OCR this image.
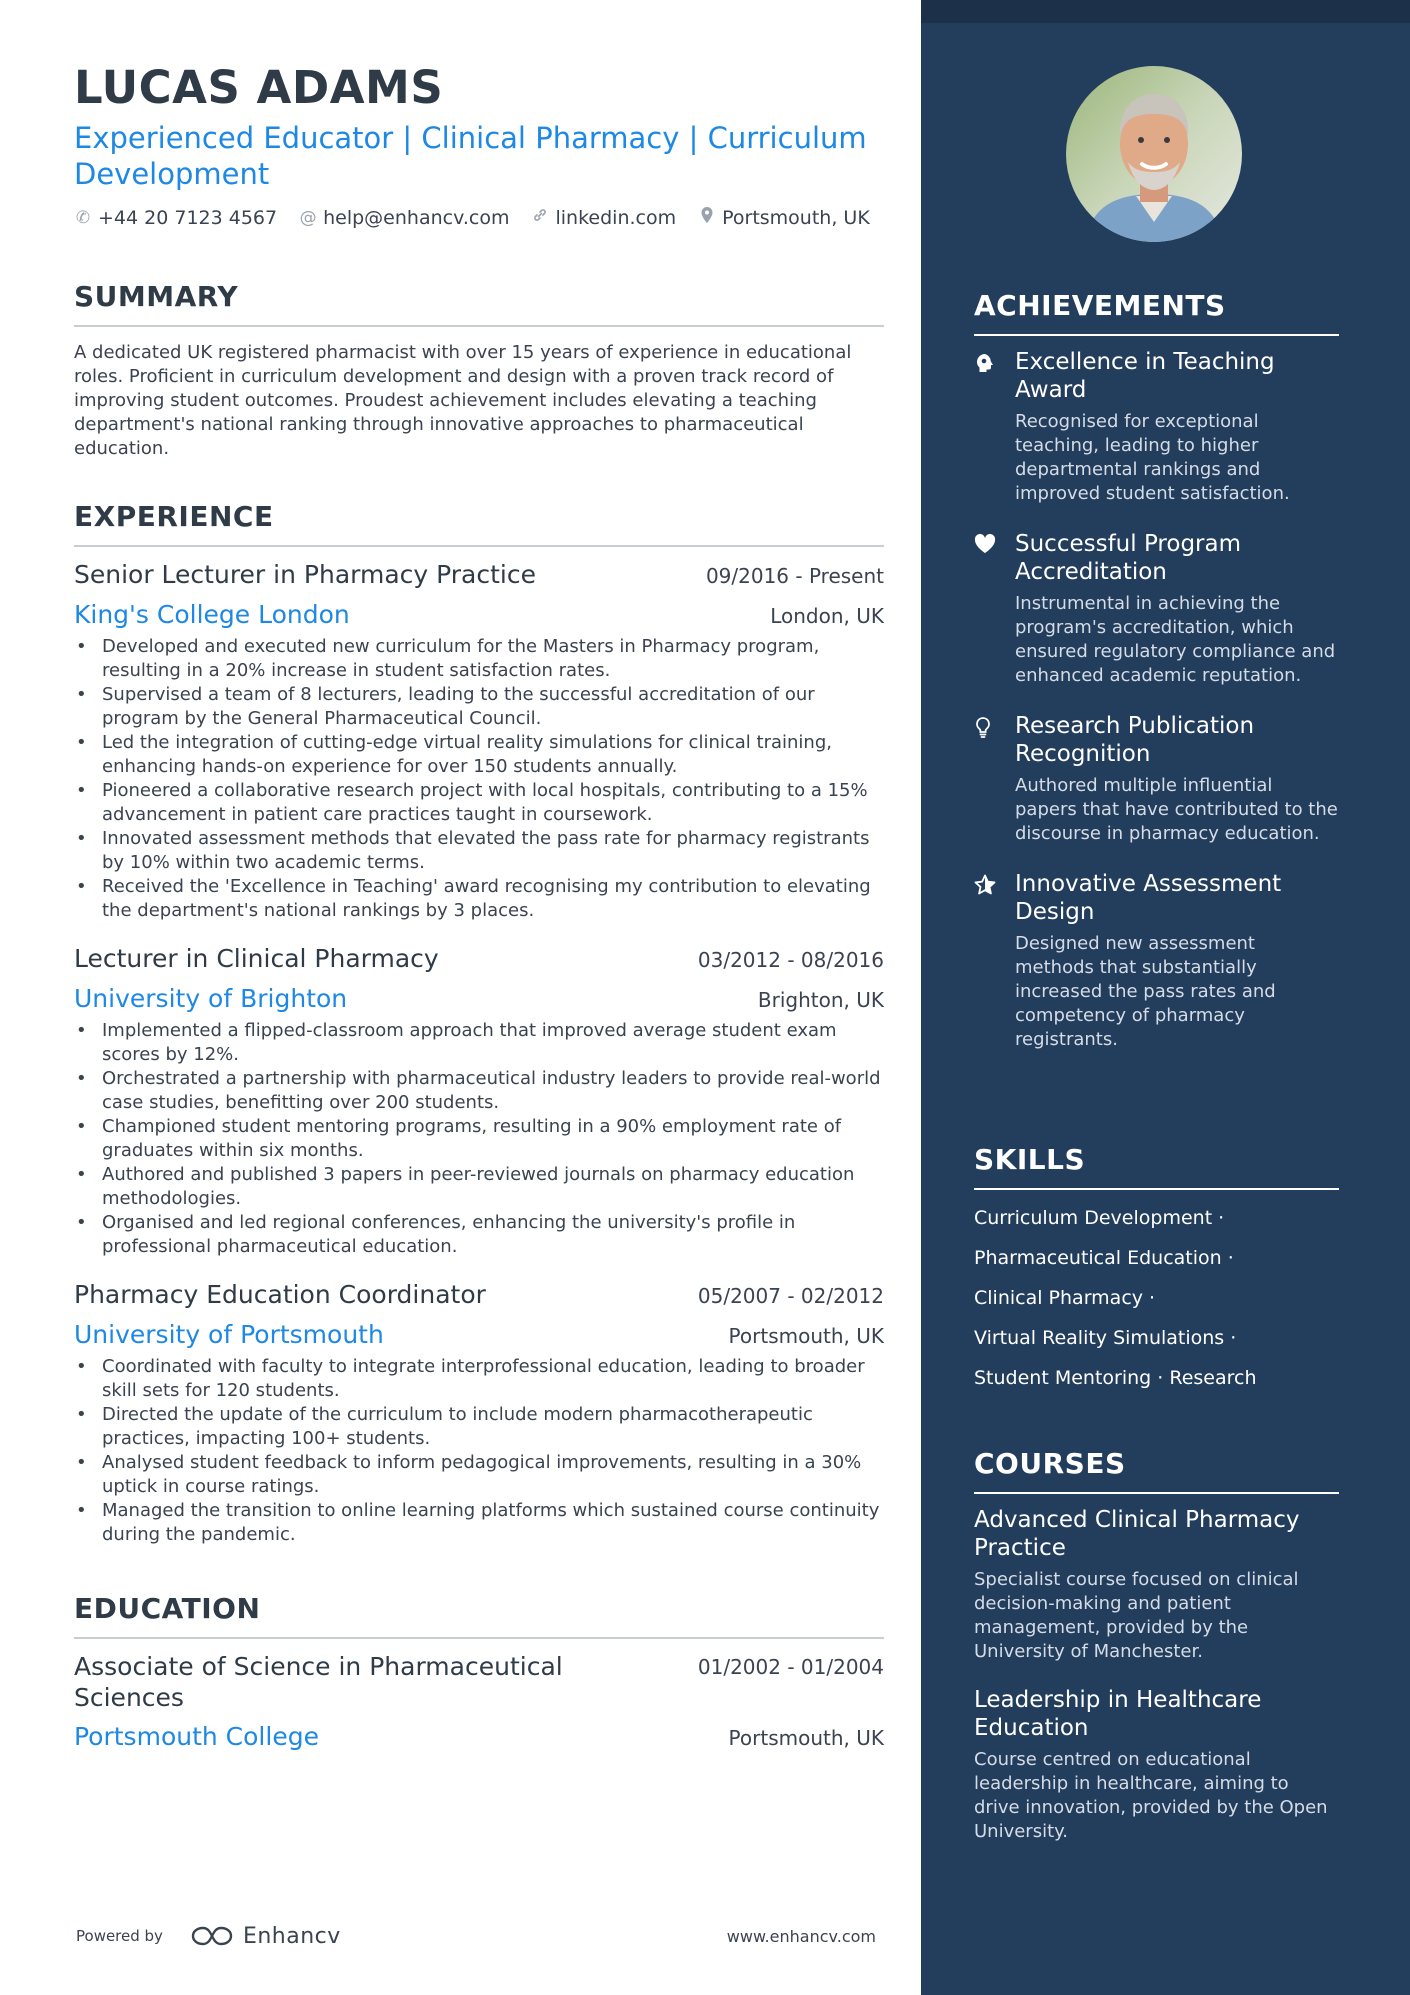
LUCAS ADAMS
Experienced Educator | Clinical Pharmacy | Curriculum Development
✆ +44 20 7123 4567 @ help@enhancv.com linkedin.com Portsmouth, UK
SUMMARY
A dedicated UK registered pharmacist with over 15 years of experience in educational roles. Proficient in curriculum development and design with a proven track record of improving student outcomes. Proudest achievement includes elevating a teaching department's national ranking through innovative approaches to pharmaceutical education.
EXPERIENCE
Senior Lecturer in Pharmacy Practice	09/2016 - Present
King's College London	London, UK
• Developed and executed new curriculum for the Masters in Pharmacy program, resulting in a 20% increase in student satisfaction rates.
• Supervised a team of 8 lecturers, leading to the successful accreditation of our program by the General Pharmaceutical Council.
• Led the integration of cutting-edge virtual reality simulations for clinical training, enhancing hands-on experience for over 150 students annually.
• Pioneered a collaborative research project with local hospitals, contributing to a 15% advancement in patient care practices taught in coursework.
• Innovated assessment methods that elevated the pass rate for pharmacy registrants by 10% within two academic terms.
• Received the 'Excellence in Teaching' award recognising my contribution to elevating the department's national rankings by 3 places.
Lecturer in Clinical Pharmacy	03/2012 - 08/2016
University of Brighton	Brighton, UK
• Implemented a flipped-classroom approach that improved average student exam scores by 12%.
• Orchestrated a partnership with pharmaceutical industry leaders to provide real-world case studies, benefitting over 200 students.
• Championed student mentoring programs, resulting in a 90% employment rate of graduates within six months.
• Authored and published 3 papers in peer-reviewed journals on pharmacy education methodologies.
• Organised and led regional conferences, enhancing the university's profile in professional pharmaceutical education.
Pharmacy Education Coordinator	05/2007 - 02/2012
University of Portsmouth	Portsmouth, UK
• Coordinated with faculty to integrate interprofessional education, leading to broader skill sets for 120 students.
• Directed the update of the curriculum to include modern pharmacotherapeutic practices, impacting 100+ students.
• Analysed student feedback to inform pedagogical improvements, resulting in a 30% uptick in course ratings.
• Managed the transition to online learning platforms which sustained course continuity during the pandemic.
EDUCATION
Associate of Science in Pharmaceutical Sciences
01/2002 - 01/2004
Portsmouth College	Portsmouth, UK
Powered by	Enhancv	www.enhancv.com
ACHIEVEMENTS
Excellence in Teaching Award
Recognised for exceptional teaching, leading to higher departmental rankings and improved student satisfaction.
Successful Program Accreditation
Instrumental in achieving the program's accreditation, which ensured regulatory compliance and enhanced academic reputation.
Research Publication Recognition
Authored multiple influential papers that have contributed to the discourse in pharmacy education.
Innovative Assessment Design
Designed new assessment methods that substantially increased the pass rates and competency of pharmacy registrants.
SKILLS
Curriculum Development ·
Pharmaceutical Education ·
Clinical Pharmacy ·
Virtual Reality Simulations ·
Student Mentoring · Research
COURSES
Advanced Clinical Pharmacy Practice
Specialist course focused on clinical decision-making and patient management, provided by the University of Manchester.
Leadership in Healthcare Education
Course centred on educational leadership in healthcare, aiming to drive innovation, provided by the Open University.
